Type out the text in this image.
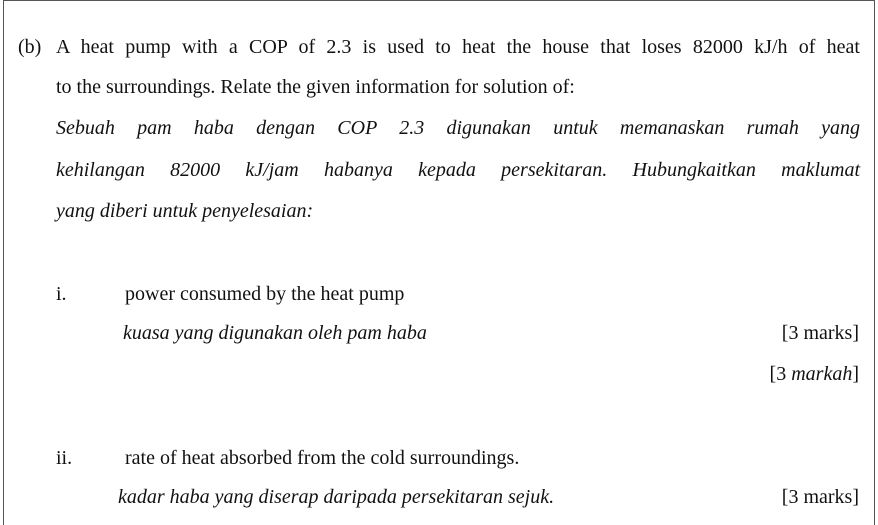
(b) A heat pump with a COP of 2.3 is used to heat the house that loses 82000 kJ/h of heat
to the surroundings. Relate the given information for solution of:
Sebuah pam haba dengan COP 2.3 digunakan untuk memanaskan rumah yang
kehilangan 82000 kJ/jam habanya kepada persekitaran. Hubungkaitkan maklumat
yang diberi untuk penyelesaian:
i.	power consumed by the heat pump
kuasa yang digunakan oleh pam haba	[3 marks]
[3 markah]
ii.	rate of heat absorbed from the cold surroundings.
kadar haba yang diserap daripada persekitaran sejuk.	[3 marks]
